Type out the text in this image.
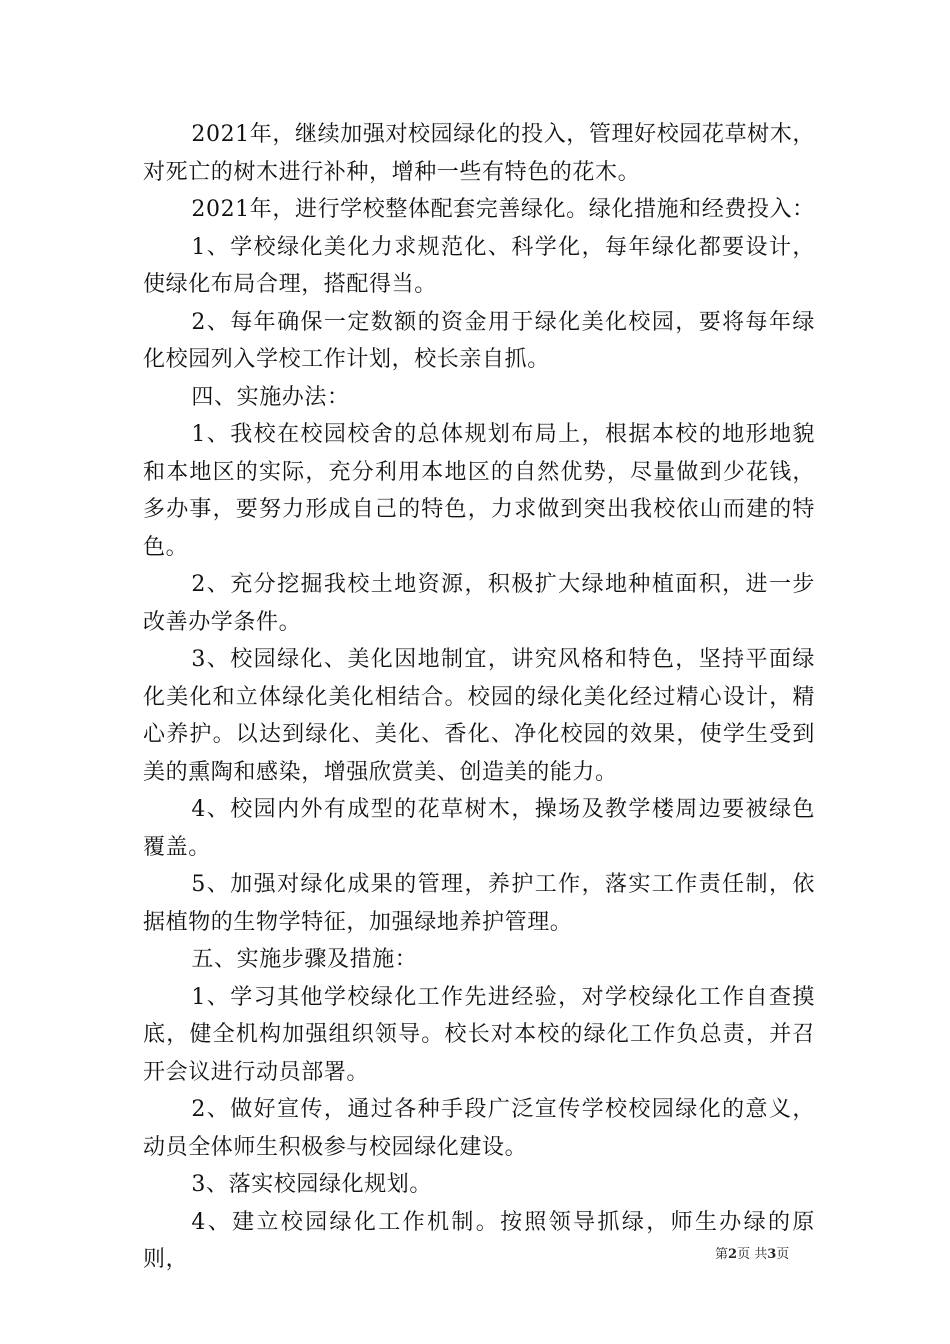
2021年，继续加强对校园绿化的投入，管理好校园花草树木，对死亡的树木进行补种，增种一些有特色的花木。

2021年，进行学校整体配套完善绿化。绿化措施和经费投入：

1、学校绿化美化力求规范化、科学化，每年绿化都要设计，使绿化布局合理，搭配得当。

2、每年确保一定数额的资金用于绿化美化校园，要将每年绿化校园列入学校工作计划，校长亲自抓。

四、实施办法：

1、我校在校园校舍的总体规划布局上，根据本校的地形地貌和本地区的实际，充分利用本地区的自然优势，尽量做到少花钱，多办事，要努力形成自己的特色，力求做到突出我校依山而建的特色。

2、充分挖掘我校土地资源，积极扩大绿地种植面积，进一步改善办学条件。

3、校园绿化、美化因地制宜，讲究风格和特色，坚持平面绿化美化和立体绿化美化相结合。校园的绿化美化经过精心设计，精心养护。以达到绿化、美化、香化、净化校园的效果，使学生受到美的熏陶和感染，增强欣赏美、创造美的能力。

4、校园内外有成型的花草树木，操场及教学楼周边要被绿色覆盖。

5、加强对绿化成果的管理，养护工作，落实工作责任制，依据植物的生物学特征，加强绿地养护管理。

五、实施步骤及措施：

1、学习其他学校绿化工作先进经验，对学校绿化工作自查摸底，健全机构加强组织领导。校长对本校的绿化工作负总责，并召开会议进行动员部署。

2、做好宣传，通过各种手段广泛宣传学校校园绿化的意义，动员全体师生积极参与校园绿化建设。

3、落实校园绿化规划。

4、建立校园绿化工作机制。按照领导抓绿，师生办绿的原则，	第2页 共3页
